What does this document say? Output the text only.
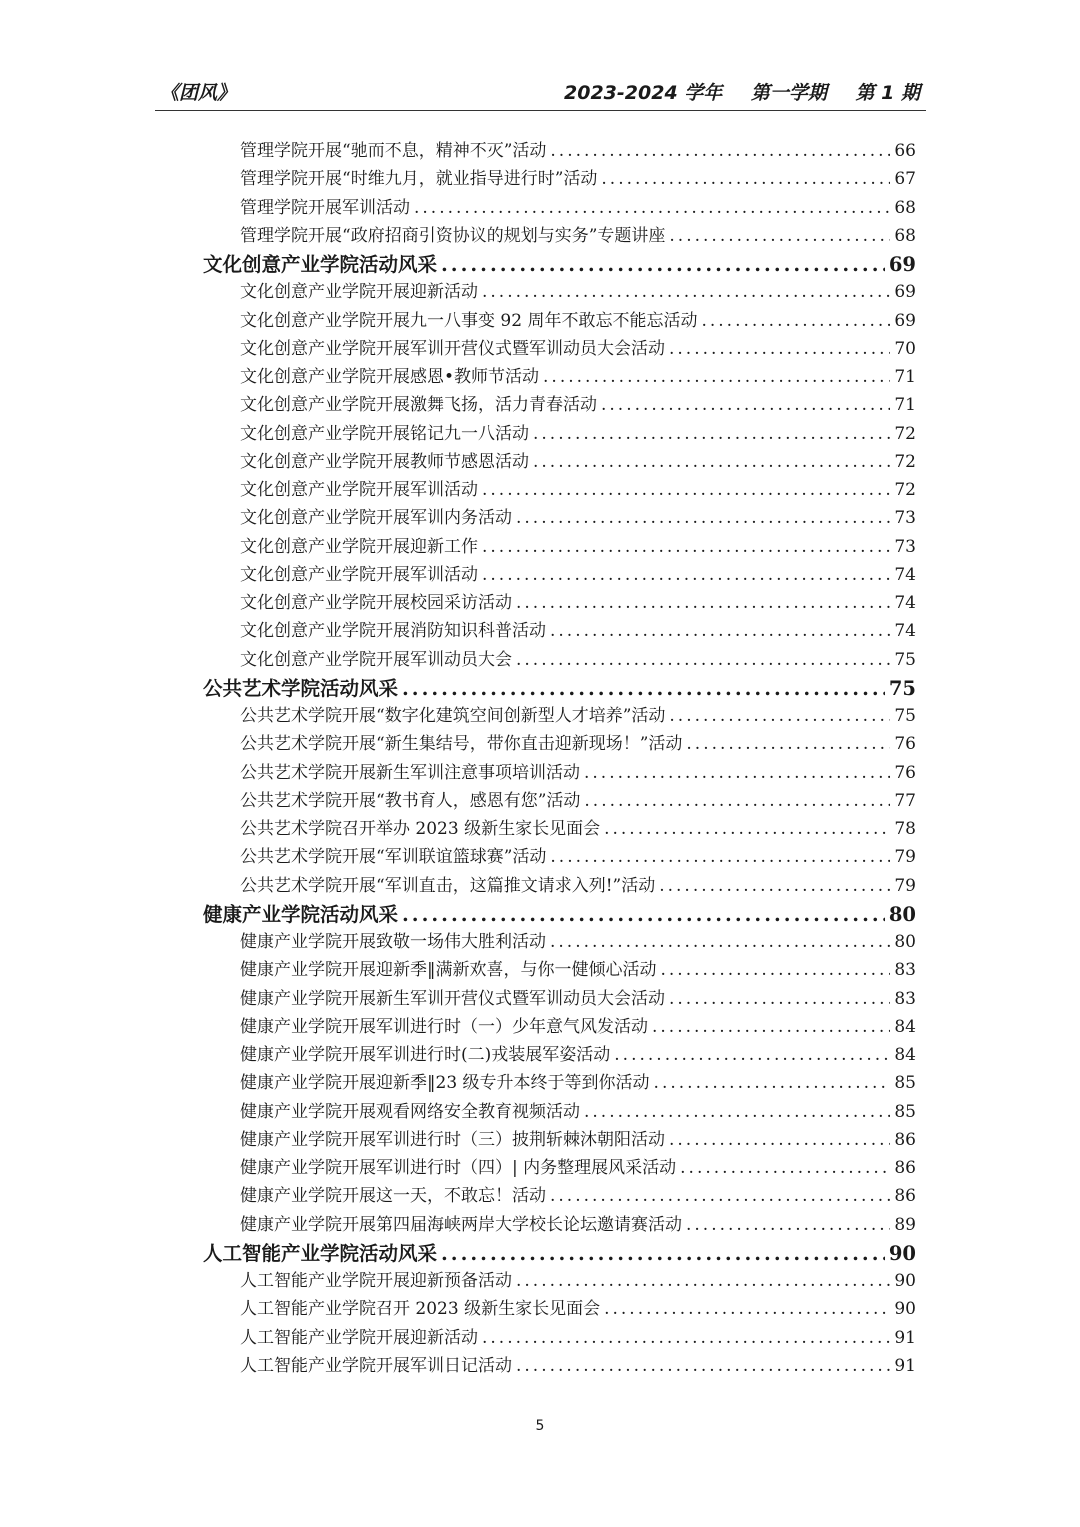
《团风》	2023-2024 学年 第一学期 第 1 期
管理学院开展“驰而不息，精神不灭”活动 .....	66
管理学院开展“时维九月，就业指导进行时”活动 .....	67
管理学院开展军训活动 .....	68
管理学院开展“政府招商引资协议的规划与实务”专题讲座 .....	68
文化创意产业学院活动风采 .....	69
文化创意产业学院开展迎新活动 .....	69
文化创意产业学院开展九一八事变 92 周年不敢忘不能忘活动 .....	69
文化创意产业学院开展军训开营仪式暨军训动员大会活动 .....	70
文化创意产业学院开展感恩•教师节活动 .....	71
文化创意产业学院开展激舞飞扬，活力青春活动 .....	71
文化创意产业学院开展铭记九一八活动 .....	72
文化创意产业学院开展教师节感恩活动 .....	72
文化创意产业学院开展军训活动 .....	72
文化创意产业学院开展军训内务活动 .....	73
文化创意产业学院开展迎新工作 .....	73
文化创意产业学院开展军训活动 .....	74
文化创意产业学院开展校园采访活动 .....	74
文化创意产业学院开展消防知识科普活动 .....	74
文化创意产业学院开展军训动员大会 .....	75
公共艺术学院活动风采 .....	75
公共艺术学院开展“数字化建筑空间创新型人才培养”活动 .....	75
公共艺术学院开展“新生集结号，带你直击迎新现场！”活动 .....	76
公共艺术学院开展新生军训注意事项培训活动 .....	76
公共艺术学院开展“教书育人，感恩有您”活动 .....	77
公共艺术学院召开举办 2023 级新生家长见面会 .....	78
公共艺术学院开展“军训联谊篮球赛”活动 .....	79
公共艺术学院开展“军训直击，这篇推文请求入列!”活动 .....	79
健康产业学院活动风采 .....	80
健康产业学院开展致敬一场伟大胜利活动 .....	80
健康产业学院开展迎新季‖满新欢喜，与你一健倾心活动 .....	83
健康产业学院开展新生军训开营仪式暨军训动员大会活动 .....	83
健康产业学院开展军训进行时（一）少年意气风发活动 .....	84
健康产业学院开展军训进行时(二)戎装展军姿活动 .....	84
健康产业学院开展迎新季‖23 级专升本终于等到你活动 .....	85
健康产业学院开展观看网络安全教育视频活动 .....	85
健康产业学院开展军训进行时（三）披荆斩棘沐朝阳活动 .....	86
健康产业学院开展军训进行时（四）| 内务整理展风采活动 .....	86
健康产业学院开展这一天，不敢忘！活动 .....	86
健康产业学院开展第四届海峡两岸大学校长论坛邀请赛活动 .....	89
人工智能产业学院活动风采 .....	90
人工智能产业学院开展迎新预备活动 .....	90
人工智能产业学院召开 2023 级新生家长见面会 .....	90
人工智能产业学院开展迎新活动 .....	91
人工智能产业学院开展军训日记活动 .....	91
5
